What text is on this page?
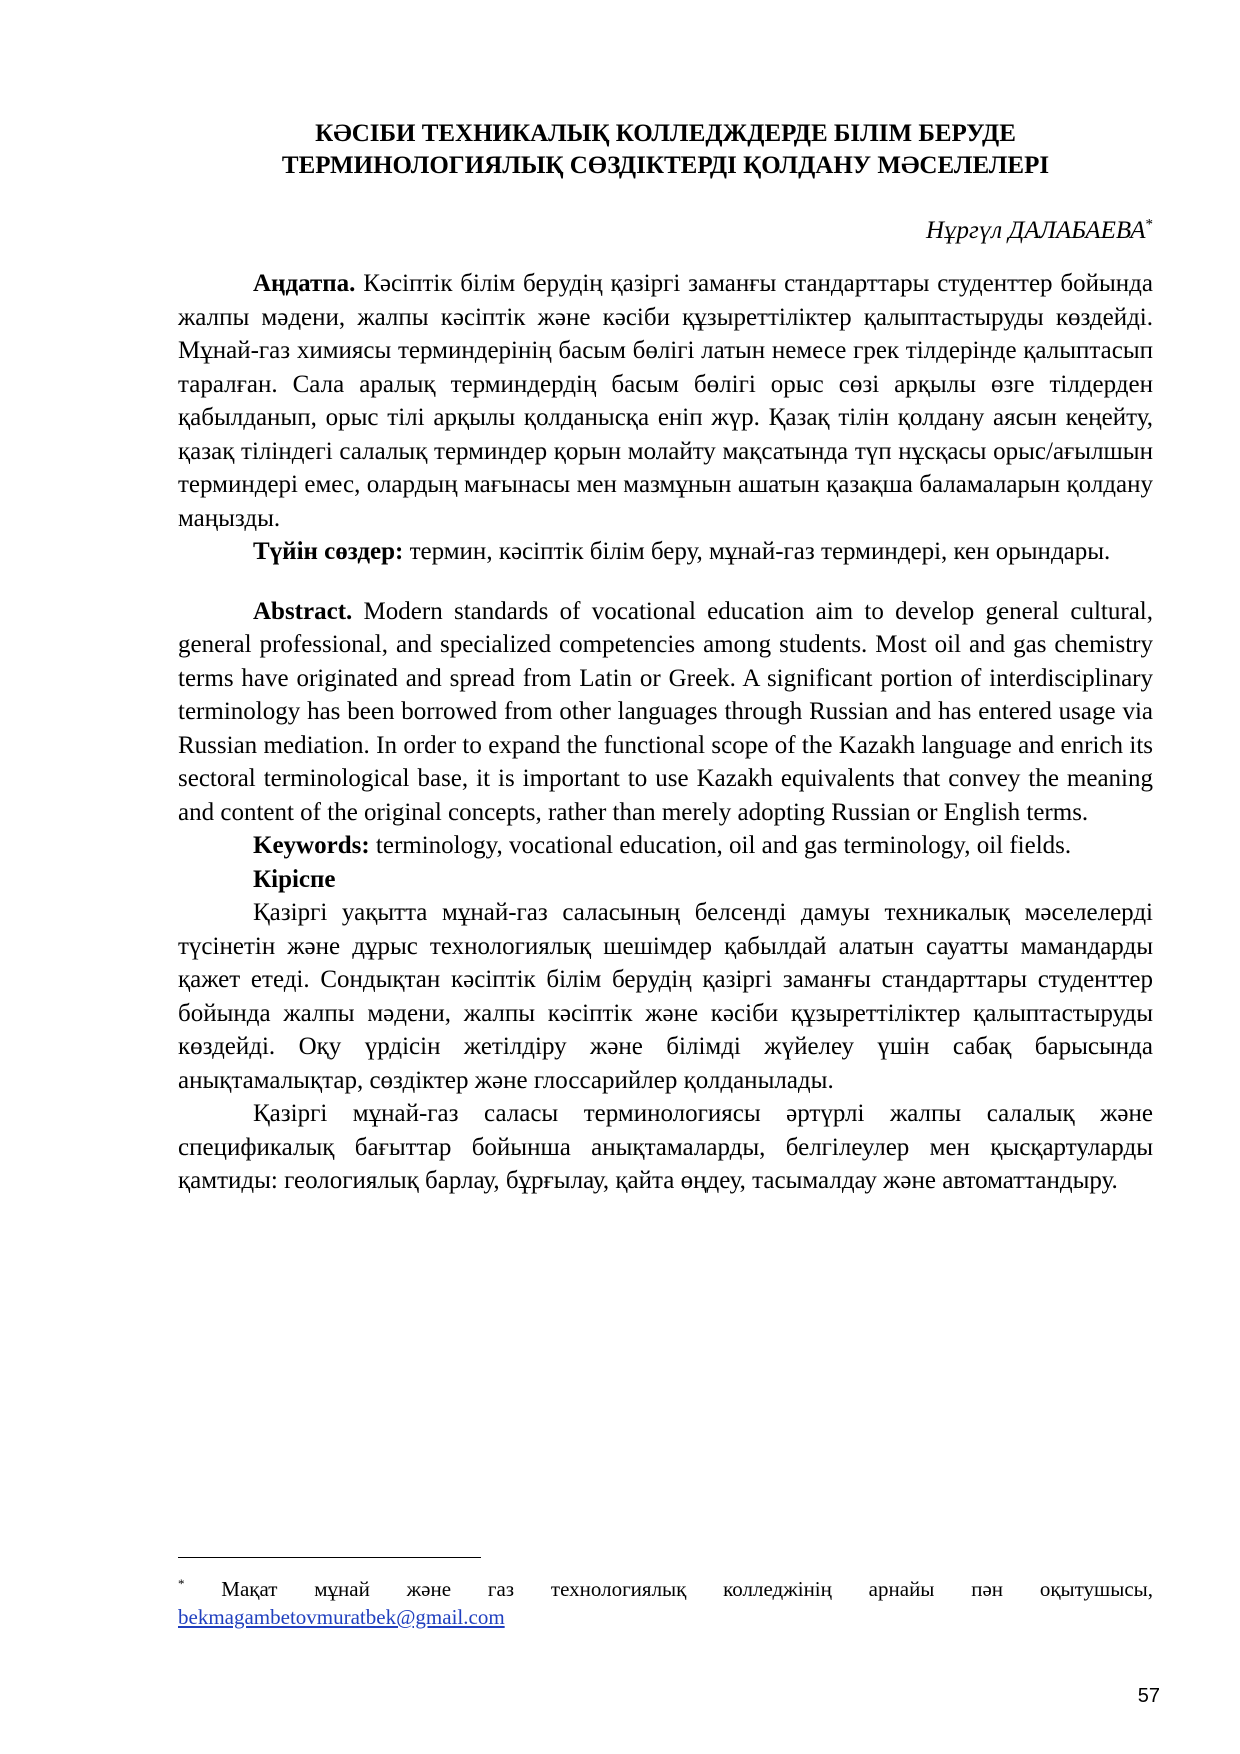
КӘСІБИ ТЕХНИКАЛЫҚ КОЛЛЕДЖДЕРДЕ БІЛІМ БЕРУДЕ
ТЕРМИНОЛОГИЯЛЫҚ СӨЗДІКТЕРДІ ҚОЛДАНУ МӘСЕЛЕЛЕРІ
Нұргүл ДАЛАБАЕВА*

Аңдатпа. Кәсіптік білім берудің қазіргі заманғы стандарттары студенттер бойында жалпы мәдени, жалпы кәсіптік және кәсіби құзыреттіліктер қалыптастыруды көздейді. Мұнай-газ химиясы терминдерінің басым бөлігі латын немесе грек тілдерінде қалыптасып таралған. Сала аралық терминдердің басым бөлігі орыс сөзі арқылы өзге тілдерден қабылданып, орыс тілі арқылы қолданысқа еніп жүр. Қазақ тілін қолдану аясын кеңейту, қазақ тіліндегі салалық терминдер қорын молайту мақсатында түп нұсқасы орыс/ағылшын терминдері емес, олардың мағынасы мен мазмұнын ашатын қазақша баламаларын қолдану маңызды.

Түйін сөздер: термин, кәсіптік білім беру, мұнай-газ терминдері, кен орындары.

Abstract. Modern standards of vocational education aim to develop general cultural, general professional, and specialized competencies among students. Most oil and gas chemistry terms have originated and spread from Latin or Greek. A significant portion of interdisciplinary terminology has been borrowed from other languages through Russian and has entered usage via Russian mediation. In order to expand the functional scope of the Kazakh language and enrich its sectoral terminological base, it is important to use Kazakh equivalents that convey the meaning and content of the original concepts, rather than merely adopting Russian or English terms.

Keywords: terminology, vocational education, oil and gas terminology, oil fields.

Кіріспе

Қазіргі уақытта мұнай-газ саласының белсенді дамуы техникалық мәселелерді түсінетін және дұрыс технологиялық шешімдер қабылдай алатын сауатты мамандарды қажет етеді. Сондықтан кәсіптік білім берудің қазіргі заманғы стандарттары студенттер бойында жалпы мәдени, жалпы кәсіптік және кәсіби құзыреттіліктер қалыптастыруды көздейді. Оқу үрдісін жетілдіру және білімді жүйелеу үшін сабақ барысында анықтамалықтар, сөздіктер және глоссарийлер қолданылады.

Қазіргі мұнай-газ саласы терминологиясы әртүрлі жалпы салалық және спецификалық бағыттар бойынша анықтамаларды, белгілеулер мен қысқартуларды қамтиды: геологиялық барлау, бұрғылау, қайта өңдеу, тасымалдау және автоматтандыру.

* Мақат мұнай және газ технологиялық колледжінің арнайы пән оқытушысы, bekmagambetovmuratbek@gmail.com
57
